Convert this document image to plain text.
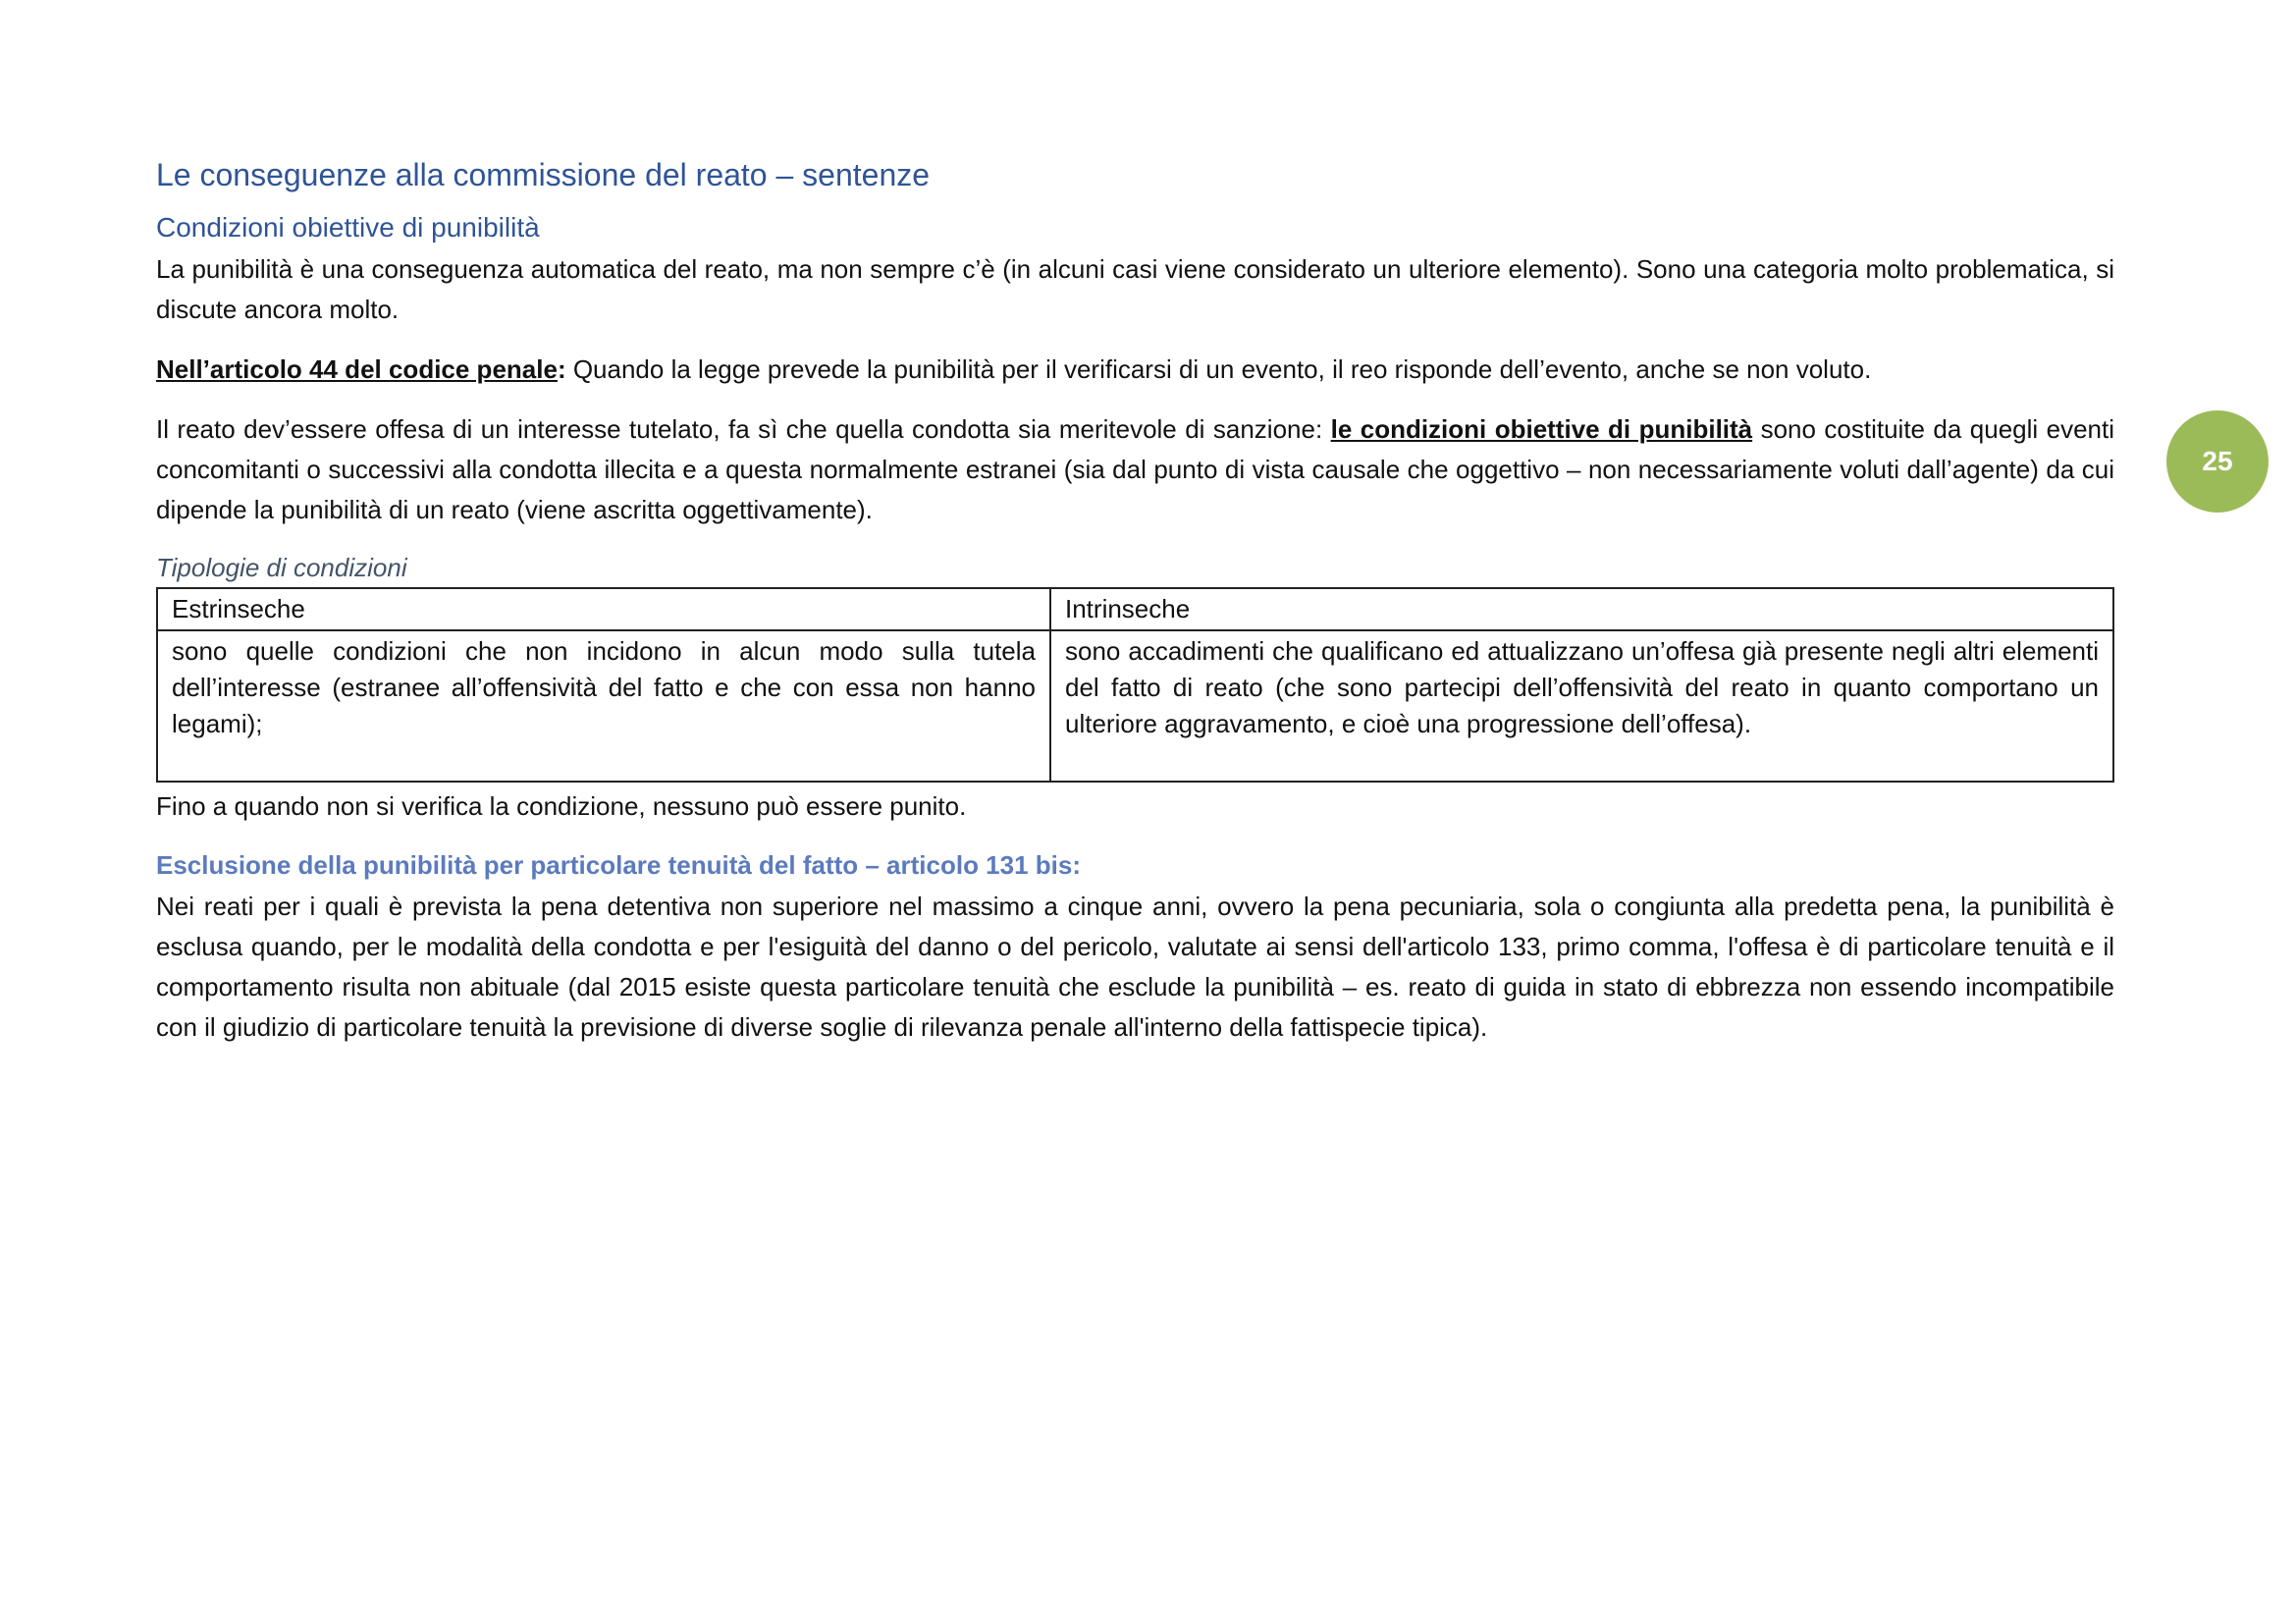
25
Le conseguenze alla commissione del reato – sentenze
Condizioni obiettive di punibilità

La punibilità è una conseguenza automatica del reato, ma non sempre c’è (in alcuni casi viene considerato un ulteriore elemento). Sono una categoria molto problematica, si discute ancora molto.

Nell’articolo 44 del codice penale: Quando la legge prevede la punibilità per il verificarsi di un evento, il reo risponde dell’evento, anche se non voluto.

Il reato dev’essere offesa di un interesse tutelato, fa sì che quella condotta sia meritevole di sanzione: le condizioni obiettive di punibilità sono costituite da quegli eventi concomitanti o successivi alla condotta illecita e a questa normalmente estranei (sia dal punto di vista causale che oggettivo – non necessariamente voluti dall’agente) da cui dipende la punibilità di un reato (viene ascritta oggettivamente).

Tipologie di condizioni
Estrinseche	Intrinseche
sono quelle condizioni che non incidono in alcun modo sulla tutela dell’interesse (estranee all’offensività del fatto e che con essa non hanno legami);	sono accadimenti che qualificano ed attualizzano un’offesa già presente negli altri elementi del fatto di reato (che sono partecipi dell’offensività del reato in quanto comportano un ulteriore aggravamento, e cioè una progressione dell’offesa).

Fino a quando non si verifica la condizione, nessuno può essere punito.

Esclusione della punibilità per particolare tenuità del fatto – articolo 131 bis:

Nei reati per i quali è prevista la pena detentiva non superiore nel massimo a cinque anni, ovvero la pena pecuniaria, sola o congiunta alla predetta pena, la punibilità è esclusa quando, per le modalità della condotta e per l'esiguità del danno o del pericolo, valutate ai sensi dell'articolo 133, primo comma, l'offesa è di particolare tenuità e il comportamento risulta non abituale (dal 2015 esiste questa particolare tenuità che esclude la punibilità – es. reato di guida in stato di ebbrezza non essendo incompatibile con il giudizio di particolare tenuità la previsione di diverse soglie di rilevanza penale all'interno della fattispecie tipica).
